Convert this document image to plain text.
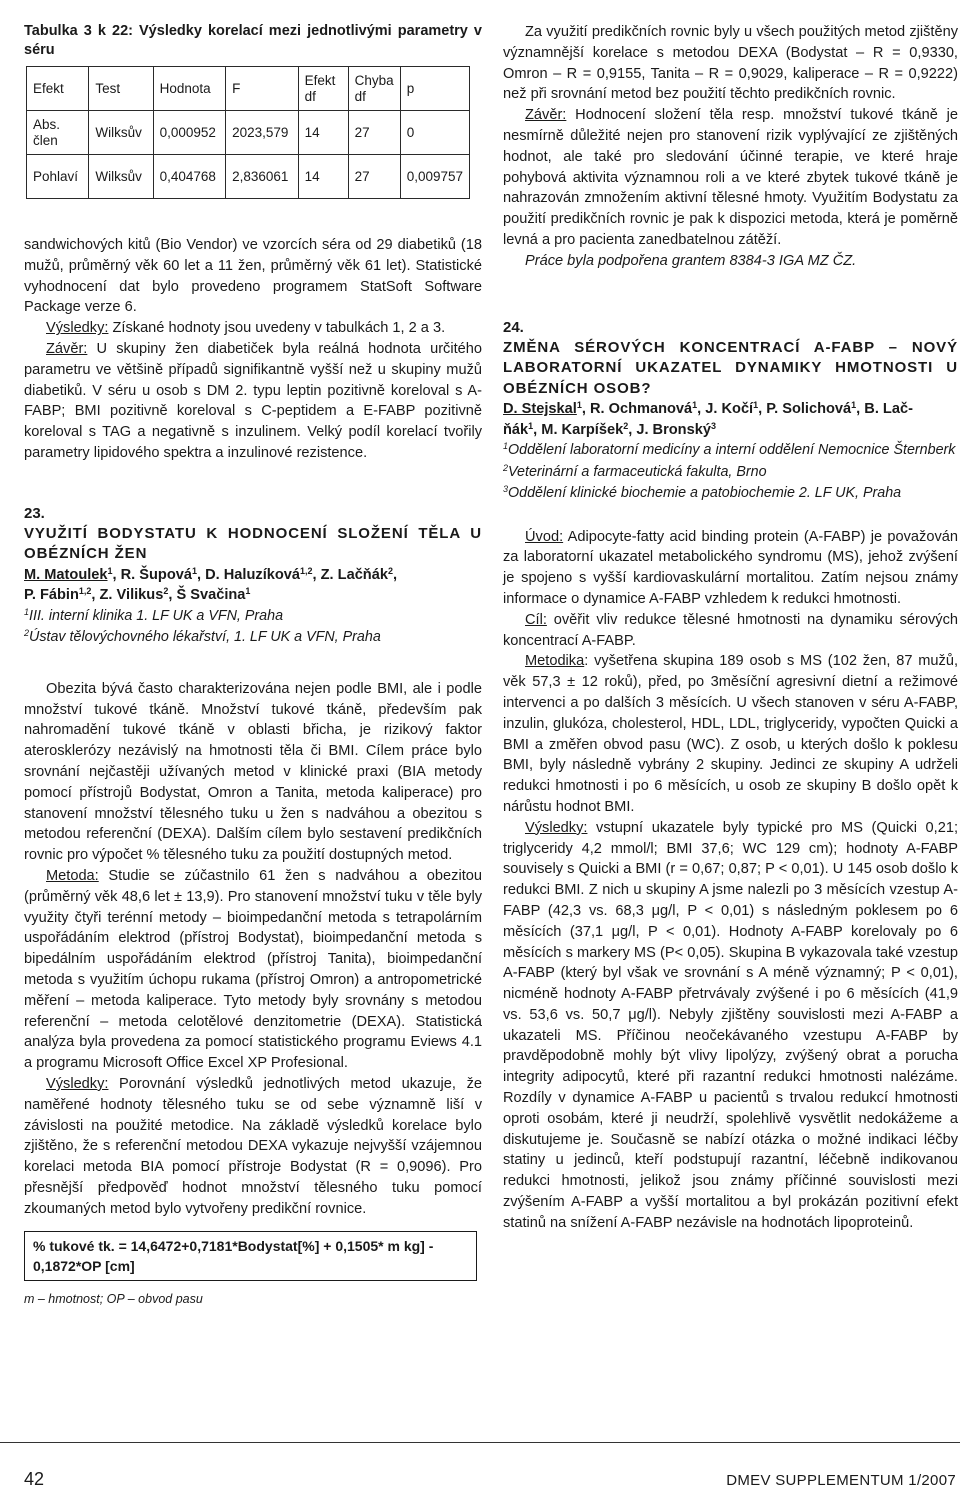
Tabulka 3 k 22: Výsledky korelací mezi jednotlivými parametry v séru

Efekt	Test	Hodnota	F	Efekt df	Chyba df	p
Abs. člen	Wilksův	0,000952	2023,579	14	27	0
Pohlaví	Wilksův	0,404768	2,836061	14	27	0,009757

sandwichových kitů (Bio Vendor) ve vzorcích séra od 29 diabetiků (18 mužů, průměrný věk 60 let a 11 žen, průměrný věk 61 let). Statistické vyhodnocení dat bylo provedeno programem StatSoft Software Package verze 6.

Výsledky: Získané hodnoty jsou uvedeny v tabulkách 1, 2 a 3.

Závěr: U skupiny žen diabetiček byla reálná hodnota určitého parametru ve většině případů signifikantně vyšší než u skupiny mužů diabetiků. V séru u osob s DM 2. typu leptin pozitivně koreloval s A-FABP; BMI pozitivně koreloval s C-peptidem a E-FABP pozitivně koreloval s TAG a negativně s inzulinem. Velký podíl korelací tvořily parametry lipidového spektra a inzulinové rezistence.

23.

VYUŽITÍ BODYSTATU K HODNOCENÍ SLOŽENÍ TĚLA U OBÉZNÍCH ŽEN

M. Matoulek$^1$, R. Šupová$^1$, D. Haluzíková$^{1,2}$, Z. Lačňák$^2$,
P. Fábin$^{1,2}$, Z. Vilikus$^2$, Š Svačina$^1$

$^1$III. interní klinika 1. LF UK a VFN, Praha

$^2$Ústav tělovýchovného lékařství, 1. LF UK a VFN, Praha

Obezita bývá často charakterizována nejen podle BMI, ale i podle množství tukové tkáně. Množství tukové tkáně, především pak nahromadění tukové tkáně v oblasti břicha, je rizikový faktor aterosklerózy nezávislý na hmotnosti těla či BMI. Cílem práce bylo srovnání nejčastěji užívaných metod v klinické praxi (BIA metody pomocí přístrojů Bodystat, Omron a Tanita, metoda kaliperace) pro stanovení množství tělesného tuku u žen s nadváhou a obezitou s metodou referenční (DEXA). Dalším cílem bylo sestavení predikčních rovnic pro výpočet % tělesného tuku za použití dostupných metod.

Metoda: Studie se zúčastnilo 61 žen s nadváhou a obezitou (průměrný věk 48,6 let ± 13,9). Pro stanovení množství tuku v těle byly využity čtyři terénní metody – bioimpedanční metoda s tetrapolárním uspořádáním elektrod (přístroj Bodystat), bioimpedanční metoda s bipedálním uspořádáním elektrod (přístroj Tanita), bioimpedanční metoda s využitím úchopu rukama (přístroj Omron) a antropometrické měření – metoda kaliperace. Tyto metody byly srovnány s metodou referenční – metoda celotělové denzitometrie (DEXA). Statistická analýza byla provedena za pomocí statistického programu Eviews 4.1 a programu Microsoft Office Excel XP Profesional.

Výsledky: Porovnání výsledků jednotlivých metod ukazuje, že naměřené hodnoty tělesného tuku se od sebe významně liší v závislosti na použité metodice. Na základě výsledků korelace bylo zjištěno, že s referenční metodou DEXA vykazuje nejvyšší vzájemnou korelaci metoda BIA pomocí přístroje Bodystat (R = 0,9096). Pro přesnější předpověď hodnot množství tělesného tuku pomocí zkoumaných metod bylo vytvořeny predikční rovnice.

% tukové tk. = 14,6472+0,7181*Bodystat[%] + 0,1505* m kg] - 0,1872*OP [cm]
m – hmotnost; OP – obvod pasu

Za využití predikčních rovnic byly u všech použitých metod zjištěny významnější korelace s metodou DEXA (Bodystat – R = 0,9330, Omron – R = 0,9155, Tanita – R = 0,9029, kaliperace – R = 0,9222) než při srovnání metod bez použití těchto predikčních rovnic.

Závěr: Hodnocení složení těla resp. množství tukové tkáně je nesmírně důležité nejen pro stanovení rizik vyplývající ze zjištěných hodnot, ale také pro sledování účinné terapie, ve které hraje pohybová aktivita významnou roli a ve které zbytek tukové tkáně je nahrazován zmnožením aktivní tělesné hmoty. Využitím Bodystatu za použití predikčních rovnic je pak k dispozici metoda, která je poměrně levná a pro pacienta zanedbatelnou zátěží.

Práce byla podpořena grantem 8384-3 IGA MZ ČZ.

24.

ZMĚNA SÉROVÝCH KONCENTRACÍ A-FABP – NOVÝ LABORATORNÍ UKAZATEL DYNAMIKY HMOTNOSTI U OBÉZNÍCH OSOB?

D. Stejskal$^1$, R. Ochmanová$^1$, J. Kočí$^1$, P. Solichová$^1$, B. Lač-
ňák$^1$, M. Karpíšek$^2$, J. Bronský$^3$

$^1$Oddělení laboratorní medicíny a interní oddělení Nemocnice Šternberk

$^2$Veterinární a farmaceutická fakulta, Brno

$^3$Oddělení klinické biochemie a patobiochemie 2. LF UK, Praha

Úvod: Adipocyte-fatty acid binding protein (A-FABP) je považován za laboratorní ukazatel metabolického syndromu (MS), jehož zvýšení je spojeno s vyšší kardiovaskulární mortalitou. Zatím nejsou známy informace o dynamice A-FABP vzhledem k redukci hmotnosti.

Cíl: ověřit vliv redukce tělesné hmotnosti na dynamiku sérových koncentrací A-FABP.

Metodika: vyšetřena skupina 189 osob s MS (102 žen, 87 mužů, věk 57,3 ± 12 roků), před, po 3měsíční agresivní dietní a režimové intervenci a po dalších 3 měsících. U všech stanoven v séru A-FABP, inzulin, glukóza, cholesterol, HDL, LDL, triglyceridy, vypočten Quicki a BMI a změřen obvod pasu (WC). Z osob, u kterých došlo k poklesu BMI, byly následně vybrány 2 skupiny. Jedinci ze skupiny A udrželi redukci hmotnosti i po 6 měsících, u osob ze skupiny B došlo opět k nárůstu hodnot BMI.

Výsledky: vstupní ukazatele byly typické pro MS (Quicki 0,21; triglyceridy 4,2 mmol/l; BMI 37,6; WC 129 cm); hodnoty A-FABP souvisely s Quicki a BMI (r = 0,67; 0,87; P < 0,01). U 145 osob došlo k redukci BMI. Z nich u skupiny A jsme nalezli po 3 měsících vzestup A-FABP (42,3 vs. 68,3 μg/l, P < 0,01) s následným poklesem po 6 měsících (37,1 μg/l, P < 0,01). Hodnoty A-FABP korelovaly po 6 měsících s markery MS (P< 0,05). Skupina B vykazovala také vzestup A-FABP (který byl však ve srovnání s A méně významný; P < 0,01), nicméně hodnoty A-FABP přetrvávaly zvýšené i po 6 měsících (41,9 vs. 53,6 vs. 50,7 μg/l). Nebyly zjištěny souvislosti mezi A-FABP a ukazateli MS. Příčinou neočekávaného vzestupu A-FABP by pravděpodobně mohly být vlivy lipolýzy, zvýšený obrat a porucha integrity adipocytů, které při razantní redukci hmotnosti nalézáme. Rozdíly v dynamice A-FABP u pacientů s trvalou redukcí hmotnosti oproti osobám, které ji neudrží, spolehlivě vysvětlit nedokážeme a diskutujeme je. Současně se nabízí otázka o možné indikaci léčby statiny u jedinců, kteří podstupují razantní, léčebně indikovanou redukci hmotnosti, jelikož jsou známy příčinné souvislosti mezi zvýšením A-FABP a vyšší mortalitou a byl prokázán pozitivní efekt statinů na snížení A-FABP nezávisle na hodnotách lipoproteinů.

42	DMEV SUPPLEMENTUM 1/2007
